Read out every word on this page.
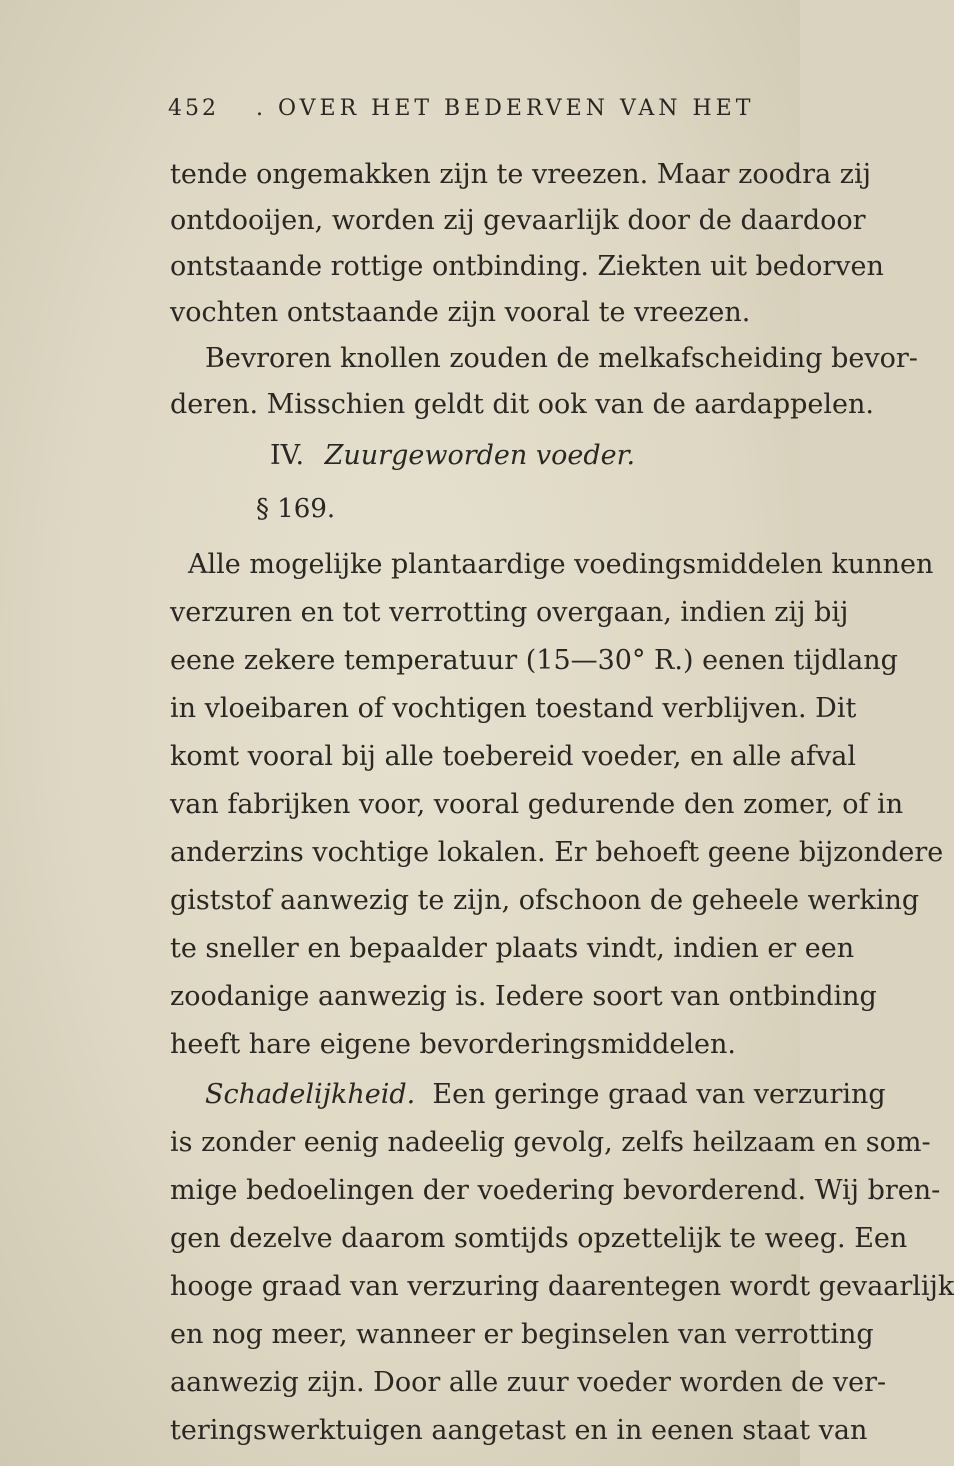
452 . OVER HET BEDERVEN VAN HET
tende ongemakken zijn te vreezen. Maar zoodra zij
ontdooijen, worden zij gevaarlijk door de daardoor
ontstaande rottige ontbinding. Ziekten uit bedorven
vochten ontstaande zijn vooral te vreezen.
Bevroren knollen zouden de melkafscheiding bevor-
deren. Misschien geldt dit ook van de aardappelen.
IV. Zuurgeworden voeder.
§ 169.
Alle mogelijke plantaardige voedingsmiddelen kunnen
verzuren en tot verrotting overgaan, indien zij bij
eene zekere temperatuur (15—30° R.) eenen tijdlang
in vloeibaren of vochtigen toestand verblijven. Dit
komt vooral bij alle toebereid voeder, en alle afval
van fabrijken voor, vooral gedurende den zomer, of in
anderzins vochtige lokalen. Er behoeft geene bijzondere
giststof aanwezig te zijn, ofschoon de geheele werking
te sneller en bepaalder plaats vindt, indien er een
zoodanige aanwezig is. Iedere soort van ontbinding
heeft hare eigene bevorderingsmiddelen.
Schadelijkheid. Een geringe graad van verzuring
is zonder eenig nadeelig gevolg, zelfs heilzaam en som-
mige bedoelingen der voedering bevorderend. Wij bren-
gen dezelve daarom somtijds opzettelijk te weeg. Een
hooge graad van verzuring daarentegen wordt gevaarlijk
en nog meer, wanneer er beginselen van verrotting
aanwezig zijn. Door alle zuur voeder worden de ver-
teringswerktuigen aangetast en in eenen staat van
